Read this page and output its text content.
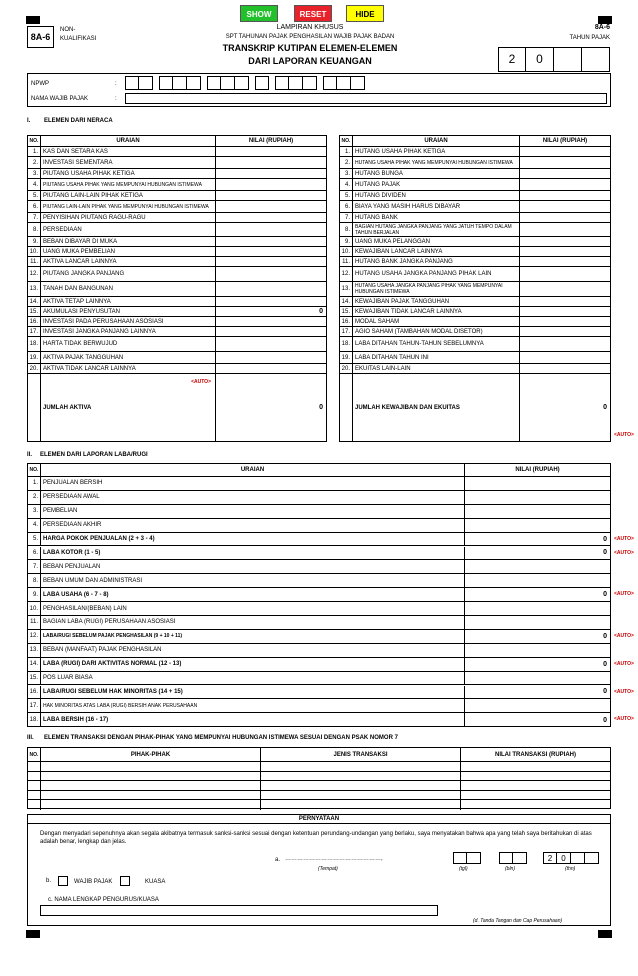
SHOW	RESET	HIDE
8A-6
NON-
KUALIFIKASI
LAMPIRAN KHUSUS
SPT TAHUNAN PAJAK PENGHASILAN WAJIB PAJAK BADAN
TRANSKRIP KUTIPAN ELEMEN-ELEMEN
DARI LAPORAN KEUANGAN
8A-6
TAHUN PAJAK
2	0
NPWP	:
NAMA WAJIB PAJAK	:
I. ELEMEN DARI NERACA
NO.	URAIAN	NILAI (RUPIAH)
1. KAS DAN SETARA KAS
2. INVESTASI SEMENTARA
3. PIUTANG USAHA PIHAK KETIGA
4.	PIUTANG USAHA PIHAK YANG MEMPUNYAI HUBUNGAN ISTIMEWA
5. PIUTANG LAIN-LAIN PIHAK KETIGA
6.	PIUTANG LAIN-LAIN PIHAK YANG MEMPUNYAI HUBUNGAN ISTIMEWA
7. PENYISIHAN PIUTANG RAGU-RAGU
8. PERSEDIAAN
9. BEBAN DIBAYAR DI MUKA
10. UANG MUKA PEMBELIAN
11. AKTIVA LANCAR LAINNYA
12. PIUTANG JANGKA PANJANG
13. TANAH DAN BANGUNAN
14. AKTIVA TETAP LAINNYA
15. AKUMULASI PENYUSUTAN	0
16. INVESTASI PADA PERUSAHAAN ASOSIASI
17. INVESTASI JANGKA PANJANG LAINNYA
18. HARTA TIDAK BERWUJUD
19. AKTIVA PAJAK TANGGUHAN
20. AKTIVA TIDAK LANCAR LAINNYA
JUMLAH AKTIVA
<AUTO>
0
NO.	URAIAN	NILAI (RUPIAH)
1. HUTANG USAHA PIHAK KETIGA
2.	HUTANG USAHA PIHAK YANG MEMPUNYAI HUBUNGAN ISTIMEWA
3. HUTANG BUNGA
4. HUTANG PAJAK
5. HUTANG DIVIDEN
6. BIAYA YANG MASIH HARUS DIBAYAR
7. HUTANG BANK
8.	BAGIAN HUTANG JANGKA PANJANG YANG JATUH TEMPO DALAM TAHUN BERJALAN
9. UANG MUKA PELANGGAN
10. KEWAJIBAN LANCAR LAINNYA
11. HUTANG BANK JANGKA PANJANG
12. HUTANG USAHA JANGKA PANJANG PIHAK LAIN
13.	HUTANG USAHA JANGKA PANJANG PIHAK YANG MEMPUNYAI HUBUNGAN ISTIMEWA
14. KEWAJIBAN PAJAK TANGGUHAN
15. KEWAJIBAN TIDAK LANCAR LAINNYA
16. MODAL SAHAM
17. AGIO SAHAM (TAMBAHAN MODAL DISETOR)
18. LABA DITAHAN TAHUN-TAHUN SEBELUMNYA
19. LABA DITAHAN TAHUN INI
20. EKUITAS LAIN-LAIN
JUMLAH KEWAJIBAN DAN EKUITAS	0
II. ELEMEN DARI LAPORAN LABA/RUGI
NO.	URAIAN	NILAI (RUPIAH)
1. PENJUALAN BERSIH
2. PERSEDIAAN AWAL
3. PEMBELIAN
4. PERSEDIAAN AKHIR
5. HARGA POKOK PENJUALAN (2 + 3 - 4)	0
6. LABA KOTOR (1 - 5)	0
7. BEBAN PENJUALAN
8. BEBAN UMUM DAN ADMINISTRASI
9. LABA USAHA (6 - 7 - 8)	0
10. PENGHASILAN/(BEBAN) LAIN
11. BAGIAN LABA (RUGI) PERUSAHAAN ASOSIASI
12.	LABA/RUGI SEBELUM PAJAK PENGHASILAN (9 + 10 + 11)	0
13. BEBAN (MANFAAT) PAJAK PENGHASILAN
14. LABA (RUGI) DARI AKTIVITAS NORMAL (12 - 13)	0
15. POS LUAR BIASA
16. LABA/RUGI SEBELUM HAK MINORITAS (14 + 15)	0
17.	HAK MINORITAS ATAS LABA (RUGI) BERSIH ANAK PERUSAHAAN
18. LABA BERSIH (16 - 17)	0
III. ELEMEN TRANSAKSI DENGAN PIHAK-PIHAK YANG MEMPUNYAI HUBUNGAN ISTIMEWA SESUAI DENGAN PSAK NOMOR 7
NO.	PIHAK-PIHAK	JENIS TRANSAKSI	NILAI TRANSAKSI (RUPIAH)
PERNYATAAN
Dengan menyadari sepenuhnya akan segala akibatnya termasuk sanksi-sanksi sesuai dengan ketentuan perundang-undangan yang berlaku, saya menyatakan bahwa apa yang telah saya beritahukan di atas adalah benar, lengkap dan jelas.
a. …………………………………………,
(Tempat)	(tgl)	(bln)
2	0
(thn)
b.	WAJIB PAJAK	KUASA
c. NAMA LENGKAP PENGURUS/KUASA
(d. Tanda Tangan dan Cap Perusahaan)
<AUTO>
<AUTO>
<AUTO>
<AUTO>
<AUTO>
<AUTO>
<AUTO>
<AUTO>
